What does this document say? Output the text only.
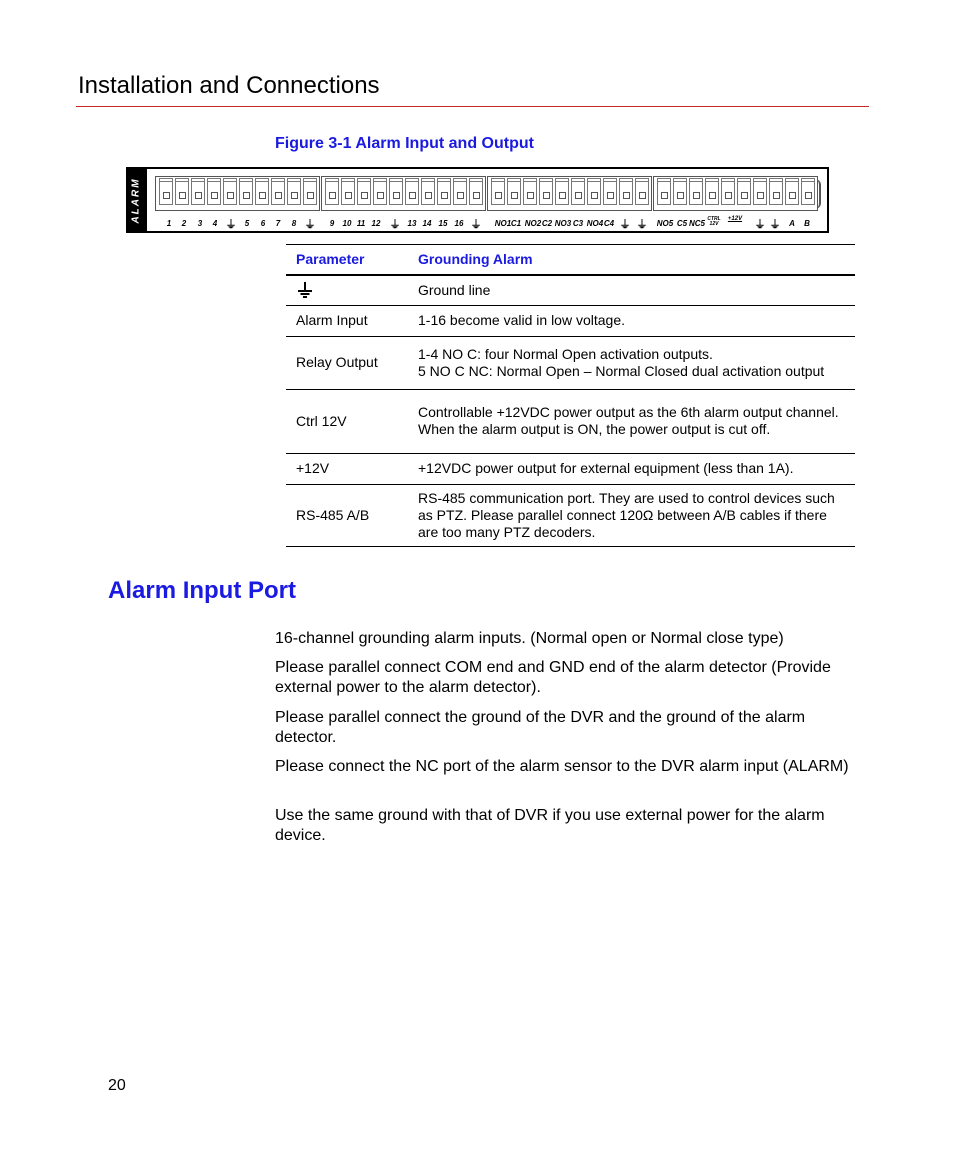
Installation and Connections
Figure 3-1 Alarm Input and Output
ALARM
1 2 3 4 ⏚ 5 6 7 8 ⏚ 9 10 11 12 ⏚ 13 14 15 16 ⏚ NO1 C1 NO2 C2 NO3 C3 NO4 C4 ⏚ ⏚ NO5 C5 NC5 CTRL
12V
+12V ⏚ ⏚ A B
Parameter	Grounding Alarm
	Ground line
Alarm Input	1-16 become valid in low voltage.
Relay Output	1-4 NO C: four Normal Open activation outputs.
5 NO C NC: Normal Open – Normal Closed dual activation output

Ctrl 12V	Controllable +12VDC power output as the 6th alarm output channel. When the alarm output is ON, the power output is cut off.
+12V	+12VDC power output for external equipment (less than 1A).
RS-485 A/B	RS-485 communication port. They are used to control devices such as PTZ. Please parallel connect 120Ω between A/B cables if there are too many PTZ decoders.
Alarm Input Port

16-channel grounding alarm inputs. (Normal open or Normal close type)

Please parallel connect COM end and GND end of the alarm detector (Provide external power to the alarm detector).

Please parallel connect the ground of the DVR and the ground of the alarm detector.

Please connect the NC port of the alarm sensor to the DVR alarm input (ALARM)

Use the same ground with that of DVR if you use external power for the alarm device.

20
